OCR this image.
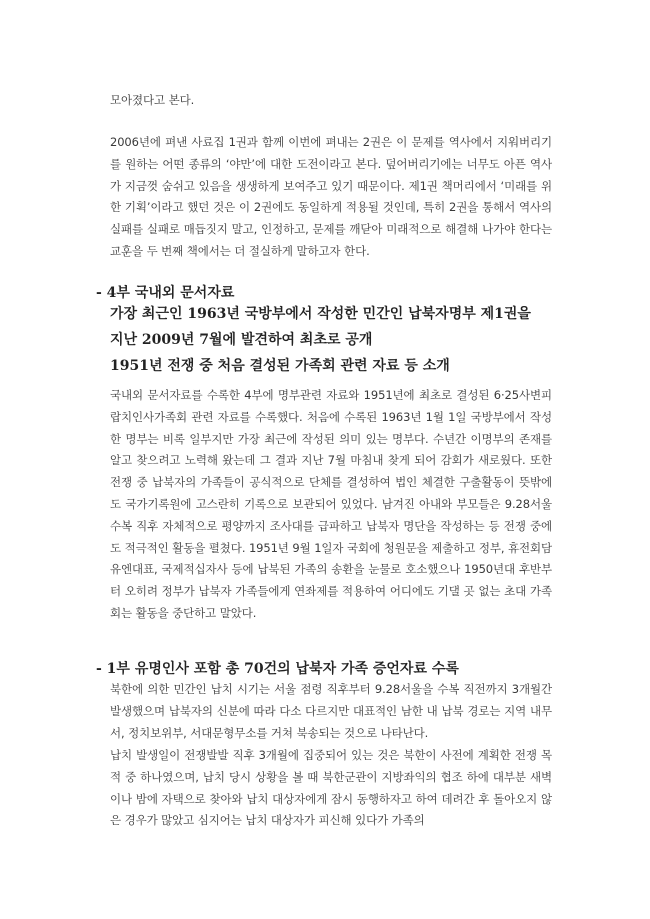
모아졌다고 본다.
2006년에 펴낸 사료집 1권과 함께 이번에 펴내는 2권은 이 문제를 역사에서 지워버리기를 원하는 어떤 종류의 ‘야만’에 대한 도전이라고 본다. 덮어버리기에는 너무도 아픈 역사가 지금껏 숨쉬고 있음을 생생하게 보여주고 있기 때문이다. 제1권 책머리에서 ‘미래를 위한 기획’이라고 했던 것은 이 2권에도 동일하게 적용될 것인데, 특히 2권을 통해서 역사의 실패를 실패로 매듭짓지 말고, 인정하고, 문제를 깨닫아 미래적으로 해결해 나가야 한다는 교훈을 두 번째 책에서는 더 절실하게 말하고자 한다.
- 4부 국내외 문서자료
가장 최근인 1963년 국방부에서 작성한 민간인 납북자명부 제1권을
지난 2009년 7월에 발견하여 최초로 공개
1951년 전쟁 중 처음 결성된 가족회 관련 자료 등 소개
국내외 문서자료를 수록한 4부에 명부관련 자료와 1951년에 최초로 결성된 6·25사변피랍치인사가족회 관련 자료를 수록했다. 처음에 수록된 1963년 1월 1일 국방부에서 작성한 명부는 비록 일부지만 가장 최근에 작성된 의미 있는 명부다. 수년간 이명부의 존재를 알고 찾으려고 노력해 왔는데 그 결과 지난 7월 마침내 찾게 되어 감회가 새로웠다. 또한 전쟁 중 납북자의 가족들이 공식적으로 단체를 결성하여 법인 체결한 구출활동이 뜻밖에도 국가기록원에 고스란히 기록으로 보관되어 있었다. 남겨진 아내와 부모들은 9.28서울 수복 직후 자체적으로 평양까지 조사대를 급파하고 납북자 명단을 작성하는 등 전쟁 중에도 적극적인 활동을 펼쳤다. 1951년 9월 1일자 국회에 청원문을 제출하고 정부, 휴전회담 유엔대표, 국제적십자사 등에 납북된 가족의 송환을 눈물로 호소했으나 1950년대 후반부터 오히려 정부가 납북자 가족들에게 연좌제를 적용하여 어디에도 기댈 곳 없는 초대 가족회는 활동을 중단하고 말았다.
- 1부 유명인사 포함 총 70건의 납북자 가족 증언자료 수록
북한에 의한 민간인 납치 시기는 서울 점령 직후부터 9.28서울을 수복 직전까지 3개월간 발생했으며 납북자의 신분에 따라 다소 다르지만 대표적인 남한 내 납북 경로는 지역 내무서, 정치보위부, 서대문형무소를 거쳐 북송되는 것으로 나타난다.
납치 발생일이 전쟁발발 직후 3개월에 집중되어 있는 것은 북한이 사전에 계획한 전쟁 목적 중 하나였으며, 납치 당시 상황을 볼 때 북한군관이 지방좌익의 협조 하에 대부분 새벽이나 밤에 자택으로 찾아와 납치 대상자에게 잠시 동행하자고 하여 데려간 후 돌아오지 않은 경우가 많았고 심지어는 납치 대상자가 피신해 있다가 가족의
